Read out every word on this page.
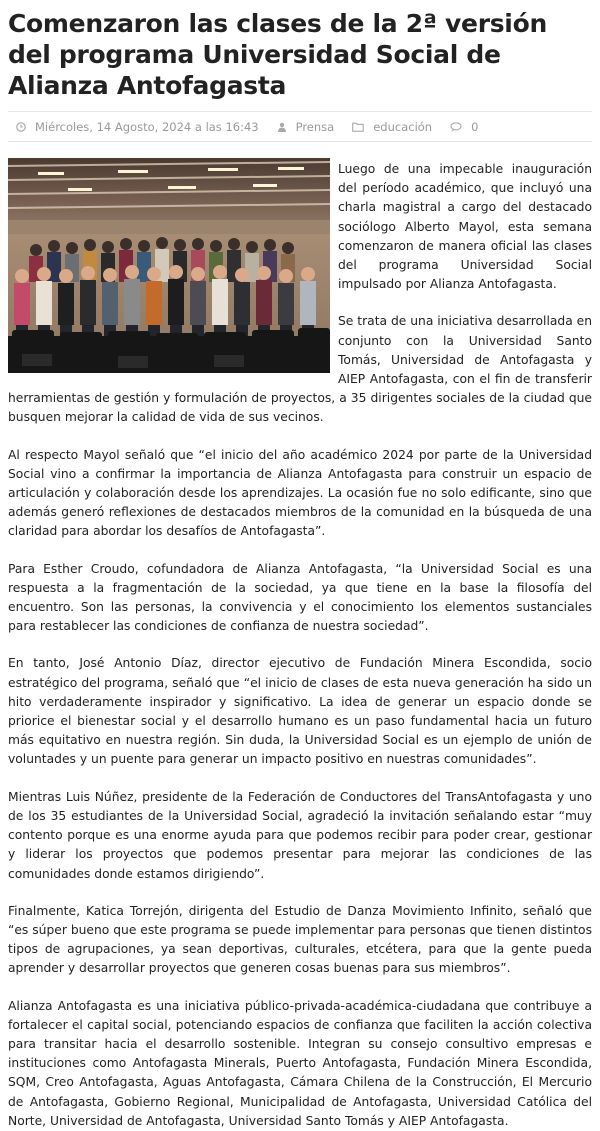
Comenzaron las clases de la 2ª versión del programa Universidad Social de Alianza Antofagasta
Miércoles, 14 Agosto, 2024 a las 16:43	Prensa	educación	0

Luego de una impecable inauguración del período académico, que incluyó una charla magistral a cargo del destacado sociólogo Alberto Mayol, esta semana comenzaron de manera oficial las clases del programa Universidad Social impulsado por Alianza Antofagasta.

Se trata de una iniciativa desarrollada en conjunto con la Universidad Santo Tomás, Universidad de Antofagasta y AIEP Antofagasta, con el fin de transferir herramientas de gestión y formulación de proyectos, a 35 dirigentes sociales de la ciudad que busquen mejorar la calidad de vida de sus vecinos.

Al respecto Mayol señaló que “el inicio del año académico 2024 por parte de la Universidad Social vino a confirmar la importancia de Alianza Antofagasta para construir un espacio de articulación y colaboración desde los aprendizajes. La ocasión fue no solo edificante, sino que además generó reflexiones de destacados miembros de la comunidad en la búsqueda de una claridad para abordar los desafíos de Antofagasta”.

Para Esther Croudo, cofundadora de Alianza Antofagasta, “la Universidad Social es una respuesta a la fragmentación de la sociedad, ya que tiene en la base la filosofía del encuentro. Son las personas, la convivencia y el conocimiento los elementos sustanciales para restablecer las condiciones de confianza de nuestra sociedad”.

En tanto, José Antonio Díaz, director ejecutivo de Fundación Minera Escondida, socio estratégico del programa, señaló que “el inicio de clases de esta nueva generación ha sido un hito verdaderamente inspirador y significativo. La idea de generar un espacio donde se priorice el bienestar social y el desarrollo humano es un paso fundamental hacia un futuro más equitativo en nuestra región. Sin duda, la Universidad Social es un ejemplo de unión de voluntades y un puente para generar un impacto positivo en nuestras comunidades”.

Mientras Luis Núñez, presidente de la Federación de Conductores del TransAntofagasta y uno de los 35 estudiantes de la Universidad Social, agradeció la invitación señalando estar “muy contento porque es una enorme ayuda para que podemos recibir para poder crear, gestionar y liderar los proyectos que podemos presentar para mejorar las condiciones de las comunidades donde estamos dirigiendo”.

Finalmente, Katica Torrejón, dirigenta del Estudio de Danza Movimiento Infinito, señaló que “es súper bueno que este programa se puede implementar para personas que tienen distintos tipos de agrupaciones, ya sean deportivas, culturales, etcétera, para que la gente pueda aprender y desarrollar proyectos que generen cosas buenas para sus miembros”.

Alianza Antofagasta es una iniciativa público-privada-académica-ciudadana que contribuye a fortalecer el capital social, potenciando espacios de confianza que faciliten la acción colectiva para transitar hacia el desarrollo sostenible. Integran su consejo consultivo empresas e instituciones como Antofagasta Minerals, Puerto Antofagasta, Fundación Minera Escondida, SQM, Creo Antofagasta, Aguas Antofagasta, Cámara Chilena de la Construcción, El Mercurio de Antofagasta, Gobierno Regional, Municipalidad de Antofagasta, Universidad Católica del Norte, Universidad de Antofagasta, Universidad Santo Tomás y AIEP Antofagasta.
